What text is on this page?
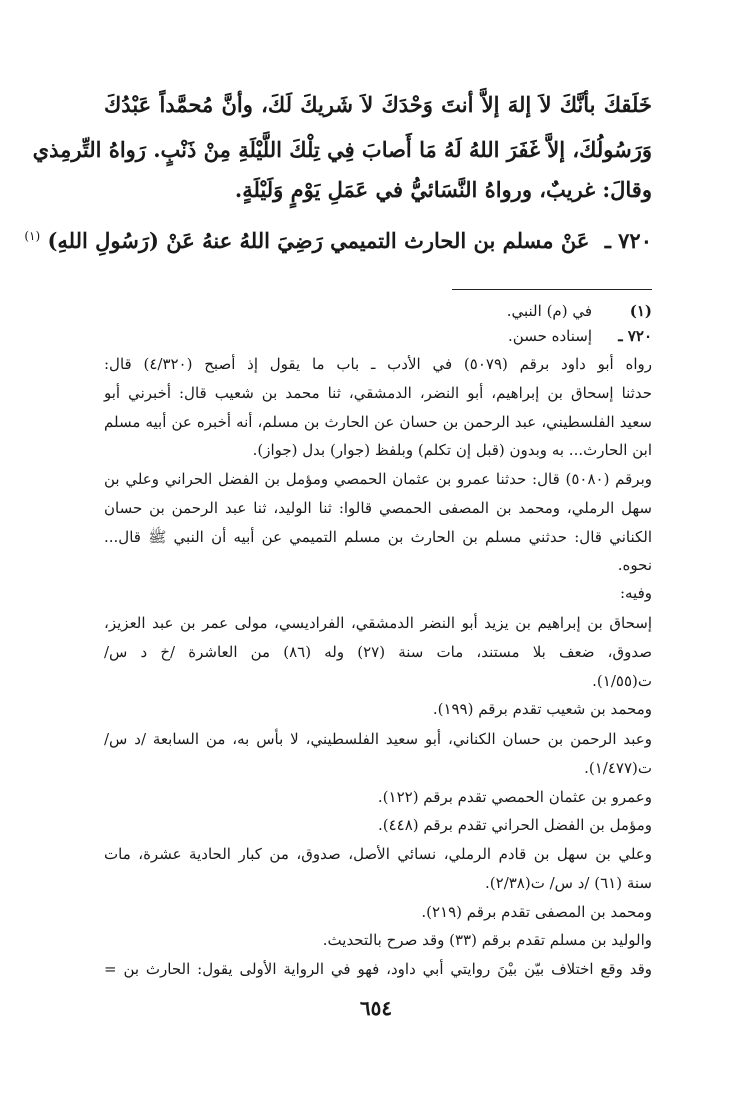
خَلَقكَ بأنَّكَ لاَ إلهَ إلاَّ أنتَ وَحْدَكَ لاَ شَريكَ لَكَ، وأنَّ مُحمَّداً عَبْدُكَ
وَرَسُولُكَ، إلاَّ غَفَرَ اللهُ لَهُ مَا أَصابَ فِي تِلْكَ اللَّيْلَةِ مِنْ ذَنْبٍ. رَواهُ التِّرمِذي
وقالَ: غريبٌ، ورواهُ النَّسَائيُّ في عَمَلِ يَوْمٍ وَلَيْلَةٍ.
٧٢٠ ـ عَنْ مسلم بن الحارث التميمي رَضِيَ اللهُ عنهُ عَنْ (رَسُولِ اللهِ) $^{(١)}$
(١)
في (م) النبي.
٧٢٠ ـ
إسناده حسن.
رواه أبو داود برقم (٥٠٧٩) في الأدب ـ باب ما يقول إذ أصبح (٤/٣٢٠) قال:
حدثنا إسحاق بن إبراهيم، أبو النضر، الدمشقي، ثنا محمد بن شعيب قال: أخبرني أبو
سعيد الفلسطيني، عبد الرحمن بن حسان عن الحارث بن مسلم، أنه أخبره عن أبيه مسلم
ابن الحارث... به وبدون (قبل إن تكلم) وبلفظ (جوار) بدل (جواز).
وبرقم (٥٠٨٠) قال: حدثنا عمرو بن عثمان الحمصي ومؤمل بن الفضل الحراني وعلي بن
سهل الرملي، ومحمد بن المصفى الحمصي قالوا: ثنا الوليد، ثنا عبد الرحمن بن حسان
الكناني قال: حدثني مسلم بن الحارث بن مسلم التميمي عن أبيه أن النبي ﷺ قال...
نحوه.
وفيه:
إسحاق بن إبراهيم بن يزيد أبو النضر الدمشقي، الفراديسي، مولى عمر بن عبد العزيز،
صدوق، ضعف بلا مستند، مات سنة (٢٧) وله (٨٦) من العاشرة /خ د س/
ت(١/٥٥).
ومحمد بن شعيب تقدم برقم (١٩٩).
وعبد الرحمن بن حسان الكناني، أبو سعيد الفلسطيني، لا بأس به، من السابعة /د س/
ت(١/٤٧٧).
وعمرو بن عثمان الحمصي تقدم برقم (١٢٢).
ومؤمل بن الفضل الحراني تقدم برقم (٤٤٨).
وعلي بن سهل بن قادم الرملي، نسائي الأصل، صدوق، من كبار الحادية عشرة، مات
سنة (٦١) /د س/ ت(٢/٣٨).
ومحمد بن المصفى تقدم برقم (٢١٩).
والوليد بن مسلم تقدم برقم (٣٣) وقد صرح بالتحديث.
وقد وقع اختلاف بيّن بيْنَ روايتي أبي داود، فهو في الرواية الأولى يقول: الحارث بن =
٦٥٤
